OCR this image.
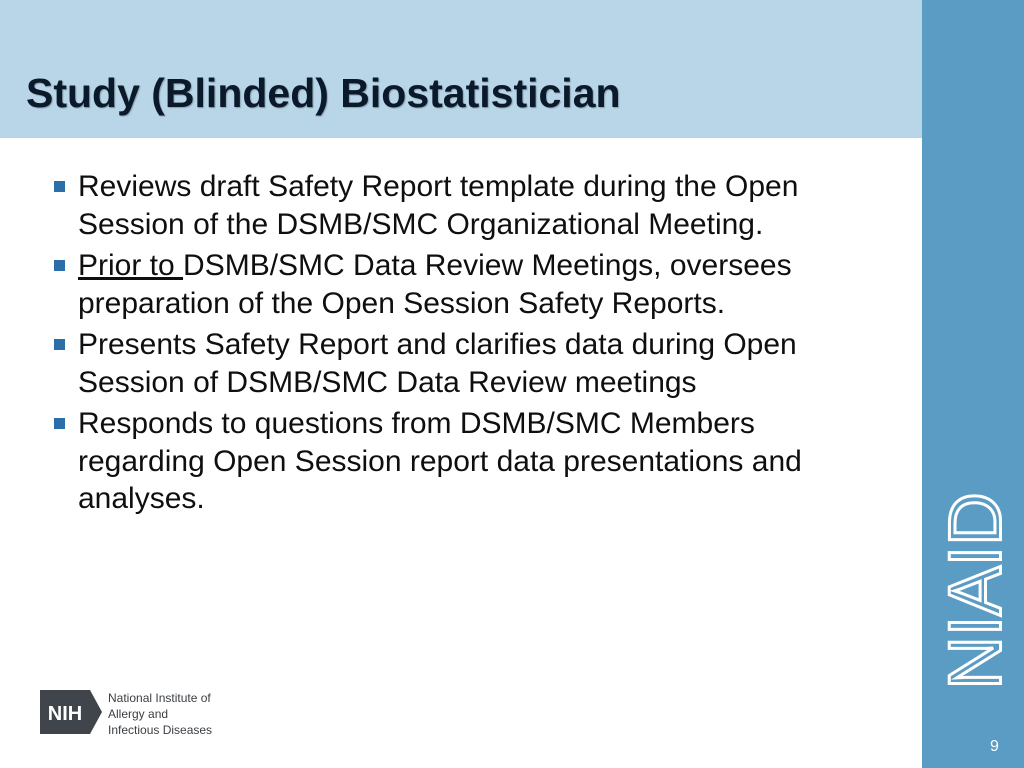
Study (Blinded) Biostatistician
NIAID
9
Reviews draft Safety Report template during the Open Session of the DSMB/SMC Organizational Meeting.
Prior to DSMB/SMC Data Review Meetings, oversees preparation of the Open Session Safety Reports.
Presents Safety Report and clarifies data during Open Session of DSMB/SMC Data Review meetings
Responds to questions from DSMB/SMC Members regarding Open Session report data presentations and analyses.
NIH
National Institute of
Allergy and
Infectious Diseases
